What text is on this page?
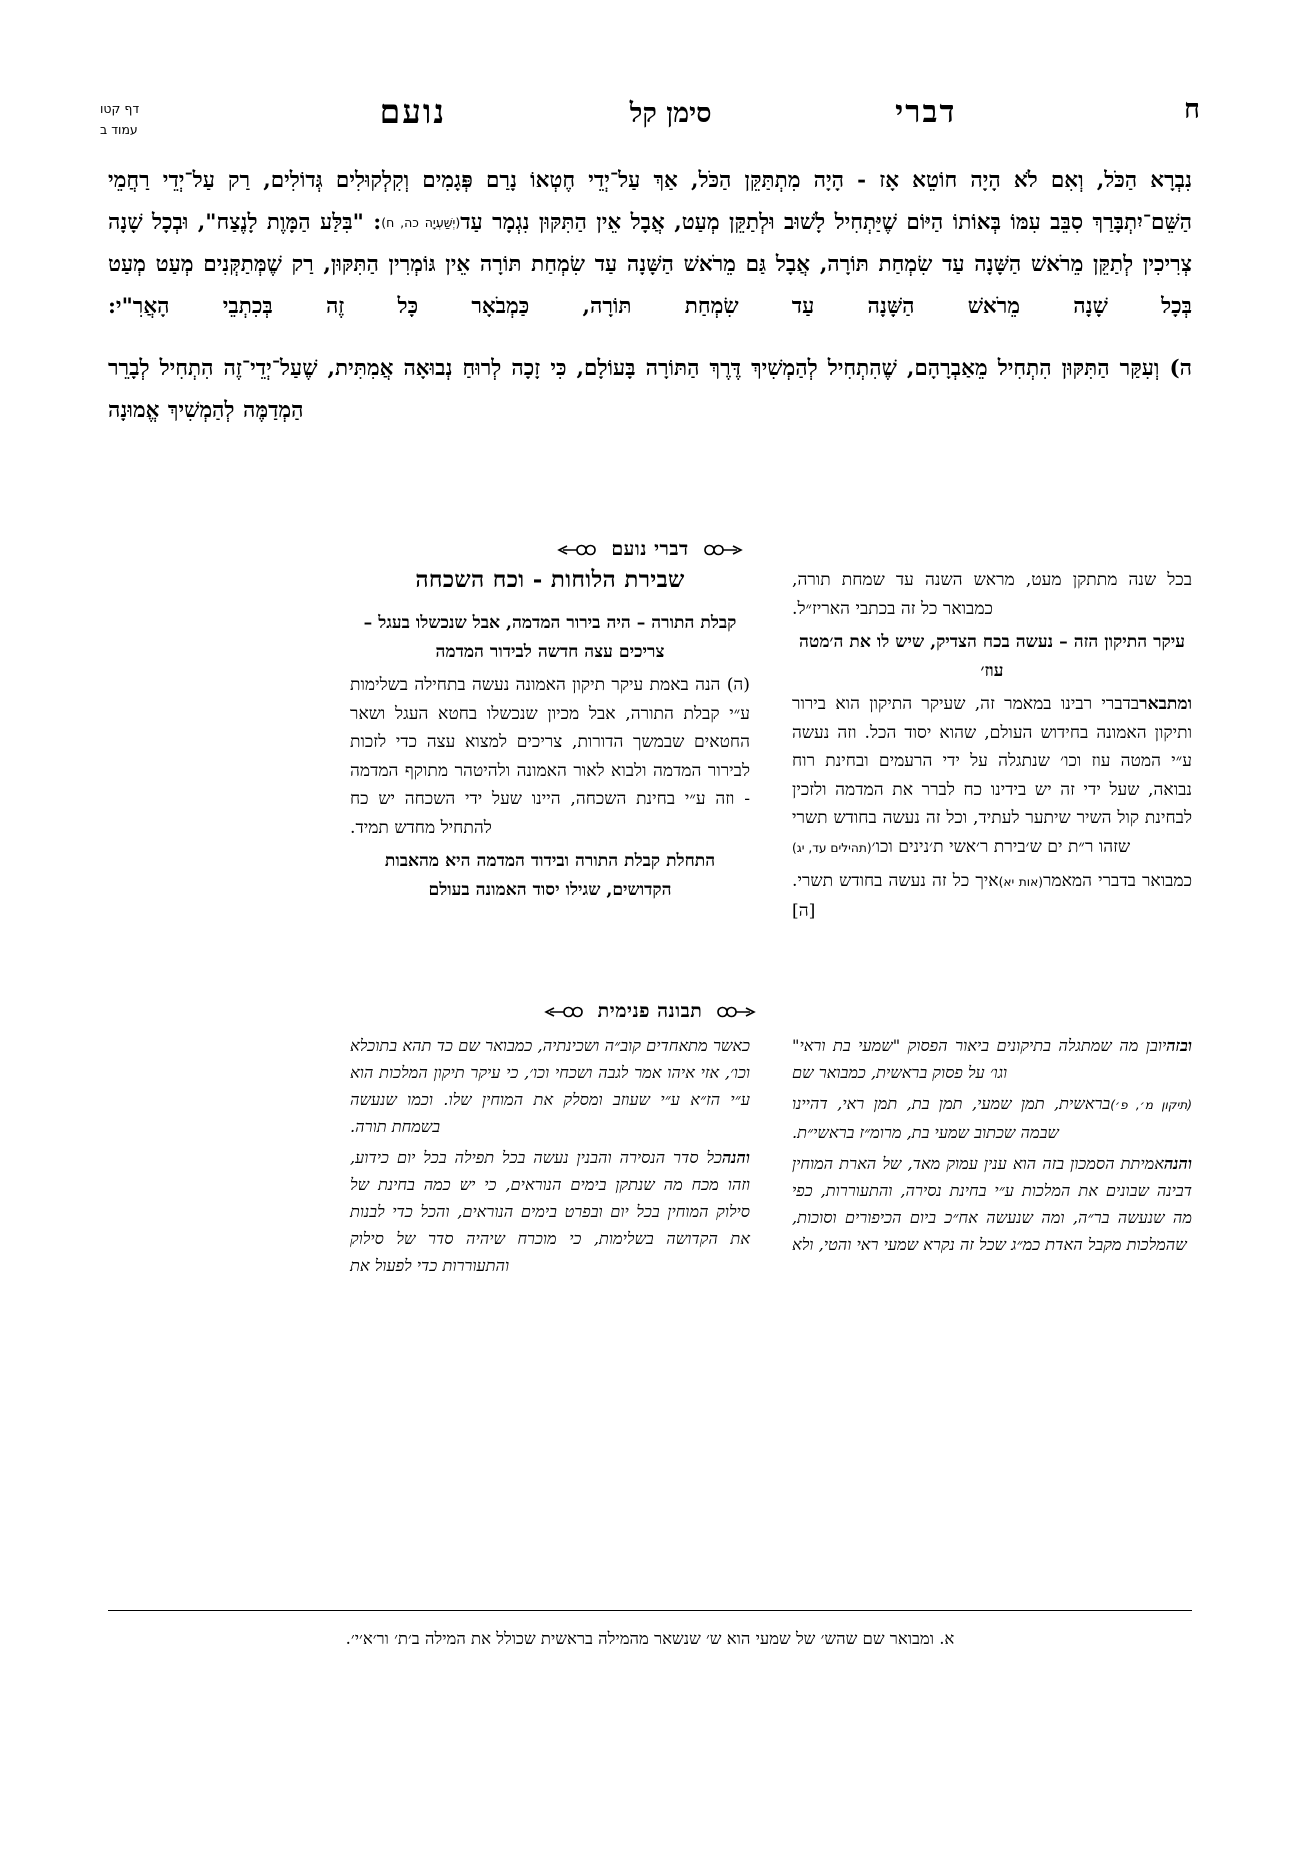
ח
דברי
סימן קל
נועם
דף קטו
עמוד ב
נִבְרָא הַכֹּל, וְאִם לֹא הָיָה חוֹטֵא אָז - הָיָה מִתְתַּקֵּן הַכֹּל, אַךְ עַל־יְדֵי חֶטְאוֹ נָרַם פְּגָמִים וְקִלְקוּלִים גְּדוֹלִים, רַק עַל־יְדֵי רַחֲמֵי הַשֵּׁם־יִתְבָּרַךְ סִבֵּב עִמּוֹ בְּאוֹתוֹ הַיּוֹם שֶׁיַּתְחִיל לָשׁוּב וּלְתַקֵּן מְעַט, אֲבָל אֵין הַתִּקּוּן נִגְמָר עַד(יְשַׁעְיָה כה, ח): "בִּלַּע הַמָּוֶת לָנֶצַח", וּבְכָל שָׁנָה צְרִיכִין לְתַקֵּן מֵרֹאשׁ הַשָּׁנָה עַד שִׂמְחַת תּוֹרָה, אֲבָל גַּם מֵרֹאשׁ הַשָּׁנָה עַד שִׂמְחַת תּוֹרָה אֵין גּוֹמְרִין הַתִּקּוּן, רַק שֶׁמְּתַקְּנִים מְעַט מְעַט בְּכָל שָׁנָה מֵרֹאשׁ הַשָּׁנָה עַד שִׂמְחַת תּוֹרָה, כַּמְבֹאָר כָּל זֶה בְּכִתְבֵי הָאֲרִ"י:
ה) וְעִקַּר הַתִּקּוּן הִתְחִיל מֵאַבְרָהָם, שֶׁהִתְחִיל לְהַמְשִׁיךְ דֶּרֶךְ הַתּוֹרָה בָּעוֹלָם, כִּי זָכָה לְרוּחַ נְבוּאָה אֲמִתִּית, שֶׁעַל־יְדֵי־זֶה הִתְחִיל לְבָרֵר הַמְדַמֶּה לְהַמְשִׁיךְ אֱמוּנָה
דברי נועם
בכל שנה מתתקן מעט, מראש השנה עד שמחת תורה, כמבואר כל זה בכתבי האריז״ל.
עיקר התיקון הזה – נעשה בכח הצדיק, שיש לו את ה׳מטה עוז׳
ומתבארבדברי רבינו במאמר זה, שעיקר התיקון הוא בירור ותיקון האמונה בחידוש העולם, שהוא יסוד הכל. וזה נעשה ע״י המטה עוז וכו׳ שנתגלה על ידי הרעמים ובחינת רוח נבואה, שעל ידי זה יש בידינו כח לברר את המדמה ולזכין לבחינת קול השיר שיתער לעתיד, וכל זה נעשה בחודש תשרי שזהו ר״ת ים ש׳בירת ר׳אשי ת׳נינים וכו׳(תהילים עד, יג)
כמבואר בדברי המאמר(אות יא)איך כל זה נעשה בחודש תשרי.[ה]
שבירת הלוחות - וכח השכחה
קבלת התורה – היה בירור המדמה, אבל שנכשלו בעגל – צריכים עצה חדשה לבידור המדמה
(ה) הנה באמת עיקר תיקון האמונה נעשה בתחילה בשלימות ע״י קבלת התורה, אבל מכיון שנכשלו בחטא העגל ושאר החטאים שבמשך הדורות, צריכים למצוא עצה כדי לזכות לבירור המדמה ולבוא לאור האמונה ולהיטהר מתוקף המדמה - וזה ע״י בחינת השכחה, היינו שעל ידי השכחה יש כח להתחיל מחדש תמיד.
התחלת קבלת התורה ובידוד המדמה היא מהאבות הקדושים, שגילו יסוד האמונה בעולם
תבונה פנימית
ובזהיובן מה שמתגלה בתיקונים ביאור הפסוק "שמעי בת וראי" וגו׳ על פסוק בראשית, כמבואר שם
(תיקון מ׳, פ׳)בראשית, תמן שמעי, תמן בת, תמן ראי, דהיינו שבמה שכתוב שמעי בת, מרומ״ז בראשי״ת.
והנהאמיתת הסמכון בזה הוא ענין עמוק מאד, של הארת המוחין דבינה שבונים את המלכות ע״י בחינת נסירה, והתעוררות, כפי מה שנעשה בר״ה, ומה שנעשה אח״כ ביום הכיפורים וסוכות, שהמלכות מקבל האדת כמ״ג שכל זה נקרא שמעי ראי והטי, ולא
כאשר מתאחדים קוב״ה ושכינתיה, כמבואר שם כד תהא בתוכלא וכו׳, אזי איהו אמר לגבה ושכחי וכו׳, כי עיקר תיקון המלכות הוא ע״י הז״א ע״י שעוזב ומסלק את המוחין שלו. וכמו שנעשה בשמחת תורה.
והנהכל סדר הנסירה והבנין נעשה בכל תפילה בכל יום כידוע, וזהו מכח מה שנתקן בימים הנוראים, כי יש כמה בחינת של סילוק המוחין בכל יום ובפרט בימים הנוראים, והכל כדי לבנות את הקדושה בשלימות, כי מוכרח שיהיה סדר של סילוק והתעוררות כדי לפעול את
א. ומבואר שם שהש׳ של שמעי הוא ש׳ שנשאר מהמילה בראשית שכולל את המילה ב׳ת׳ ור׳א׳י׳.
